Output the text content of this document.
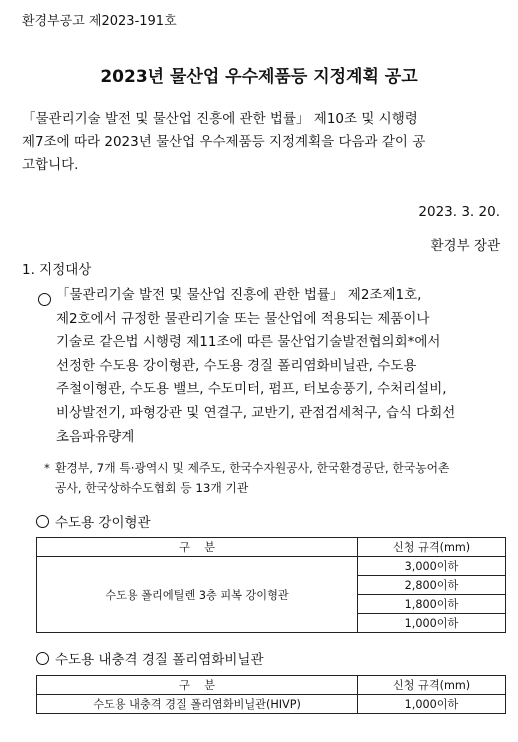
환경부공고 제2023-191호
2023년 물산업 우수제품등 지정계획 공고

「물관리기술 발전 및 물산업 진흥에 관한 법률」 제10조 및 시행령

제7조에 따라 2023년 물산업 우수제품등 지정계획을 다음과 같이 공

고합니다.

2023. 3. 20.
환경부 장관
1. 지정대상

「물관리기술 발전 및 물산업 진흥에 관한 법률」 제2조제1호,

제2호에서 규정한 물관리기술 또는 물산업에 적용되는 제품이나

기술로 같은법 시행령 제11조에 따른 물산업기술발전협의회*에서

선정한 수도용 강이형관, 수도용 경질 폴리염화비닐관, 수도용

주철이형관, 수도용 밸브, 수도미터, 펌프, 터보송풍기, 수처리설비,

비상발전기, 파형강관 및 연결구, 교반기, 관점검세척구, 습식 다회선

초음파유량계

* 환경부, 7개 특·광역시 및 제주도, 한국수자원공사, 한국환경공단, 한국농어촌
공사, 한국상하수도협회 등 13개 기관
수도용 강이형관
구    분	신청 규격(mm)
수도용 폴리에틸렌 3층 피복 강이형관	3,000이하
	2,800이하
	1,800이하
	1,000이하
수도용 내충격 경질 폴리염화비닐관
구    분	신청 규격(mm)
수도용 내충격 경질 폴리염화비닐관(HIVP)	1,000이하
